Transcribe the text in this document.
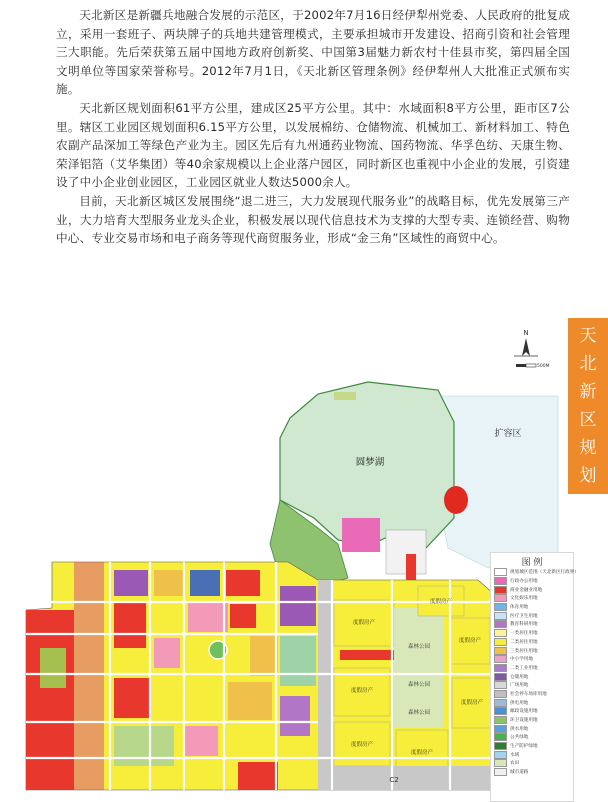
天北新区是新疆兵地融合发展的示范区，于2002年7月16日经伊犁州党委、人民政府的批复成立，采用一套班子、两块牌子的兵地共建管理模式，主要承担城市开发建设、招商引资和社会管理三大职能。先后荣获第五届中国地方政府创新奖、中国第3届魅力新农村十佳县市奖，第四届全国文明单位等国家荣誉称号。2012年7月1日，《天北新区管理条例》经伊犁州人大批准正式颁布实施。

天北新区规划面积61平方公里，建成区25平方公里。其中：水域面积8平方公里，距市区7公里。辖区工业园区规划面积6.15平方公里，以发展棉纺、仓储物流、机械加工、新材料加工、特色农副产品深加工等绿色产业为主。园区先后有九州通药业物流、国药物流、华孚色纺、天康生物、荣泽铝箔（艾华集团）等40余家规模以上企业落户园区，同时新区也重视中小企业的发展，引资建设了中小企业创业园区，工业园区就业人数达5000余人。

目前，天北新区城区发展围绕“退二进三，大力发展现代服务业”的战略目标，优先发展第三产业，大力培育大型服务业龙头企业，积极发展以现代信息技术为支撑的大型专卖、连锁经营、购物中心、专业交易市场和电子商务等现代商贸服务业，形成“金三角”区域性的商贸中心。

天
北
新
区
规
划
N
500M
扩容区
圆梦湖
度假房产
度假房产
度假房产
度假房产
度假房产
度假房产
度假房产
森林公园
森林公园
森林公园
C2
图 例
规划城区范围（天北新区行政界）
行政办公用地
商业金融业用地
文化娱乐用地
体育用地
医疗卫生用地
教育科研用地
一类居住用地
二类居住用地
三类居住用地
中小学用地
二类工业用地
仓储用地
广场用地
社会停车场库用地
供电用地
邮政设施用地
环卫设施用地
供水用地
公共绿地
生产防护绿地
水域
农田
城市道路
